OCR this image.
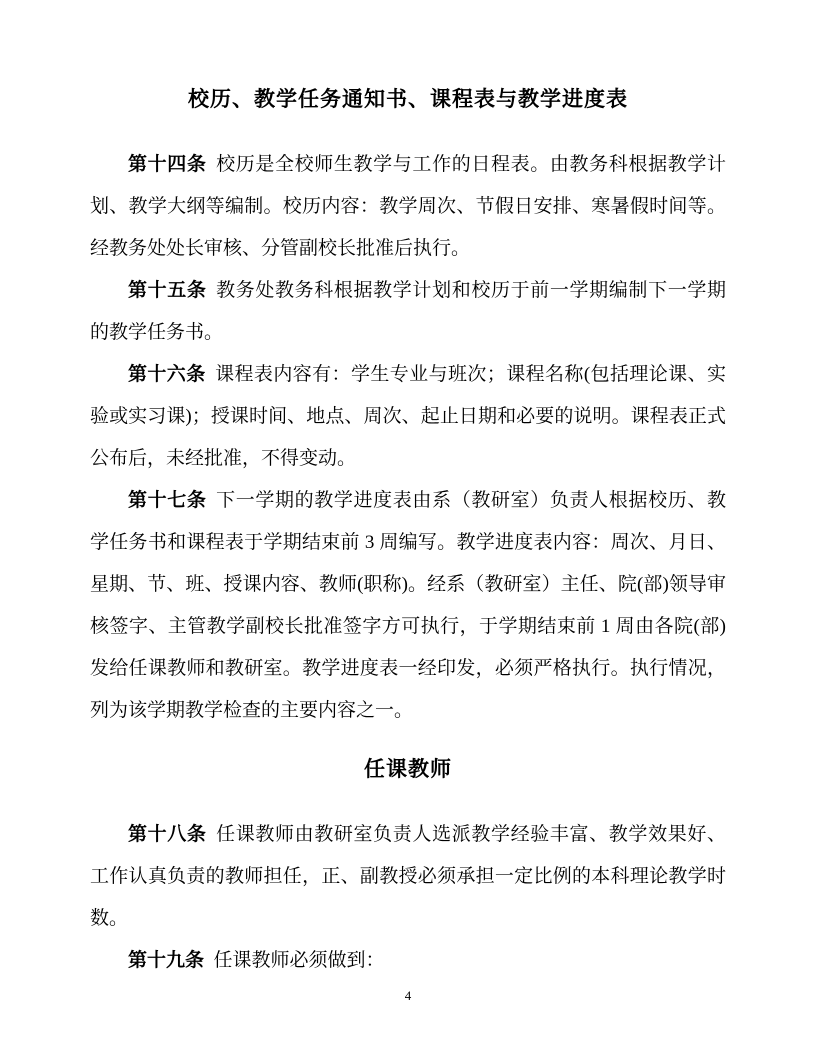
校历、教学任务通知书、课程表与教学进度表

第十四条 校历是全校师生教学与工作的日程表。由教务科根据教学计划、教学大纲等编制。校历内容：教学周次、节假日安排、寒暑假时间等。经教务处处长审核、分管副校长批准后执行。

第十五条 教务处教务科根据教学计划和校历于前一学期编制下一学期的教学任务书。

第十六条 课程表内容有：学生专业与班次；课程名称(包括理论课、实验或实习课)；授课时间、地点、周次、起止日期和必要的说明。课程表正式公布后，未经批准，不得变动。

第十七条 下一学期的教学进度表由系（教研室）负责人根据校历、教学任务书和课程表于学期结束前 3 周编写。教学进度表内容：周次、月日、星期、节、班、授课内容、教师(职称)。经系（教研室）主任、院(部)领导审核签字、主管教学副校长批准签字方可执行，于学期结束前 1 周由各院(部)发给任课教师和教研室。教学进度表一经印发，必须严格执行。执行情况，列为该学期教学检查的主要内容之一。

任课教师

第十八条 任课教师由教研室负责人选派教学经验丰富、教学效果好、工作认真负责的教师担任，正、副教授必须承担一定比例的本科理论教学时数。

第十九条 任课教师必须做到：

4
